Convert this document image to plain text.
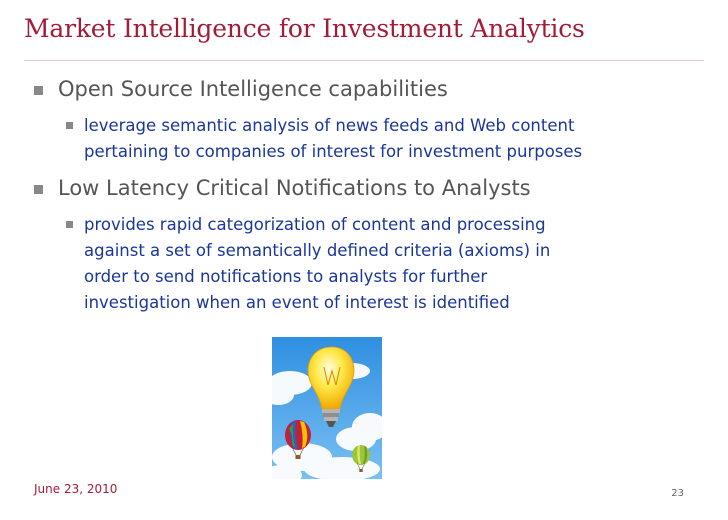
Market Intelligence for Investment Analytics
Open Source Intelligence capabilities
leverage semantic analysis of news feeds and Web content
pertaining to companies of interest for investment purposes
Low Latency Critical Notifications to Analysts
provides rapid categorization of content and processing
against a set of semantically defined criteria (axioms) in
order to send notifications to analysts for further
investigation when an event of interest is identified
June 23, 2010	23
